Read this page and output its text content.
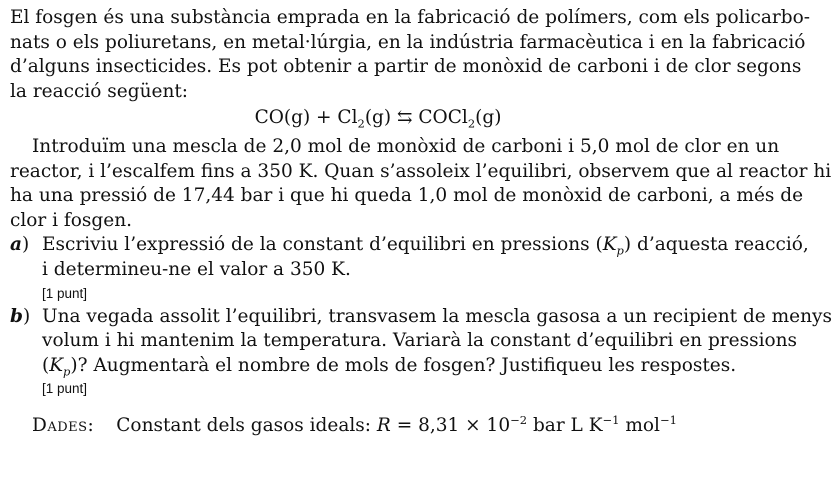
El fosgen és una substància emprada en la fabricació de polímers, com els policarbo-
nats o els poliuretans, en metal·lúrgia, en la indústria farmacèutica i en la fabricació
d’alguns insecticides. Es pot obtenir a partir de monòxid de carboni i de clor segons
la reacció següent:
$CO(g) + Cl_2(g)$ ⇆ COCl$_2$(g)
Introduïm una mescla de 2,0 mol de monòxid de carboni i 5,0 mol de clor en un
reactor, i l’escalfem fins a 350 K. Quan s’assoleix l’equilibri, observem que al reactor hi
ha una pressió de 17,44 bar i que hi queda 1,0 mol de monòxid de carboni, a més de
clor i fosgen.
a) Escriviu l’expressió de la constant d’equilibri en pressions $(K_p)$ d’aquesta reacció,
i determineu-ne el valor a 350 K.
[1 punt]
b) Una vegada assolit l’equilibri, transvasem la mescla gasosa a un recipient de menys
volum i hi mantenim la temperatura. Variarà la constant d’equilibri en pressions
$(K_p)$? Augmentarà el nombre de mols de fosgen? Justifiqueu les respostes.
[1 punt]
Dades: Constant dels gasos ideals: $R = 8,31 \times 10^{-2}$ bar L $K^{-1}$ mol$^{-1}$
